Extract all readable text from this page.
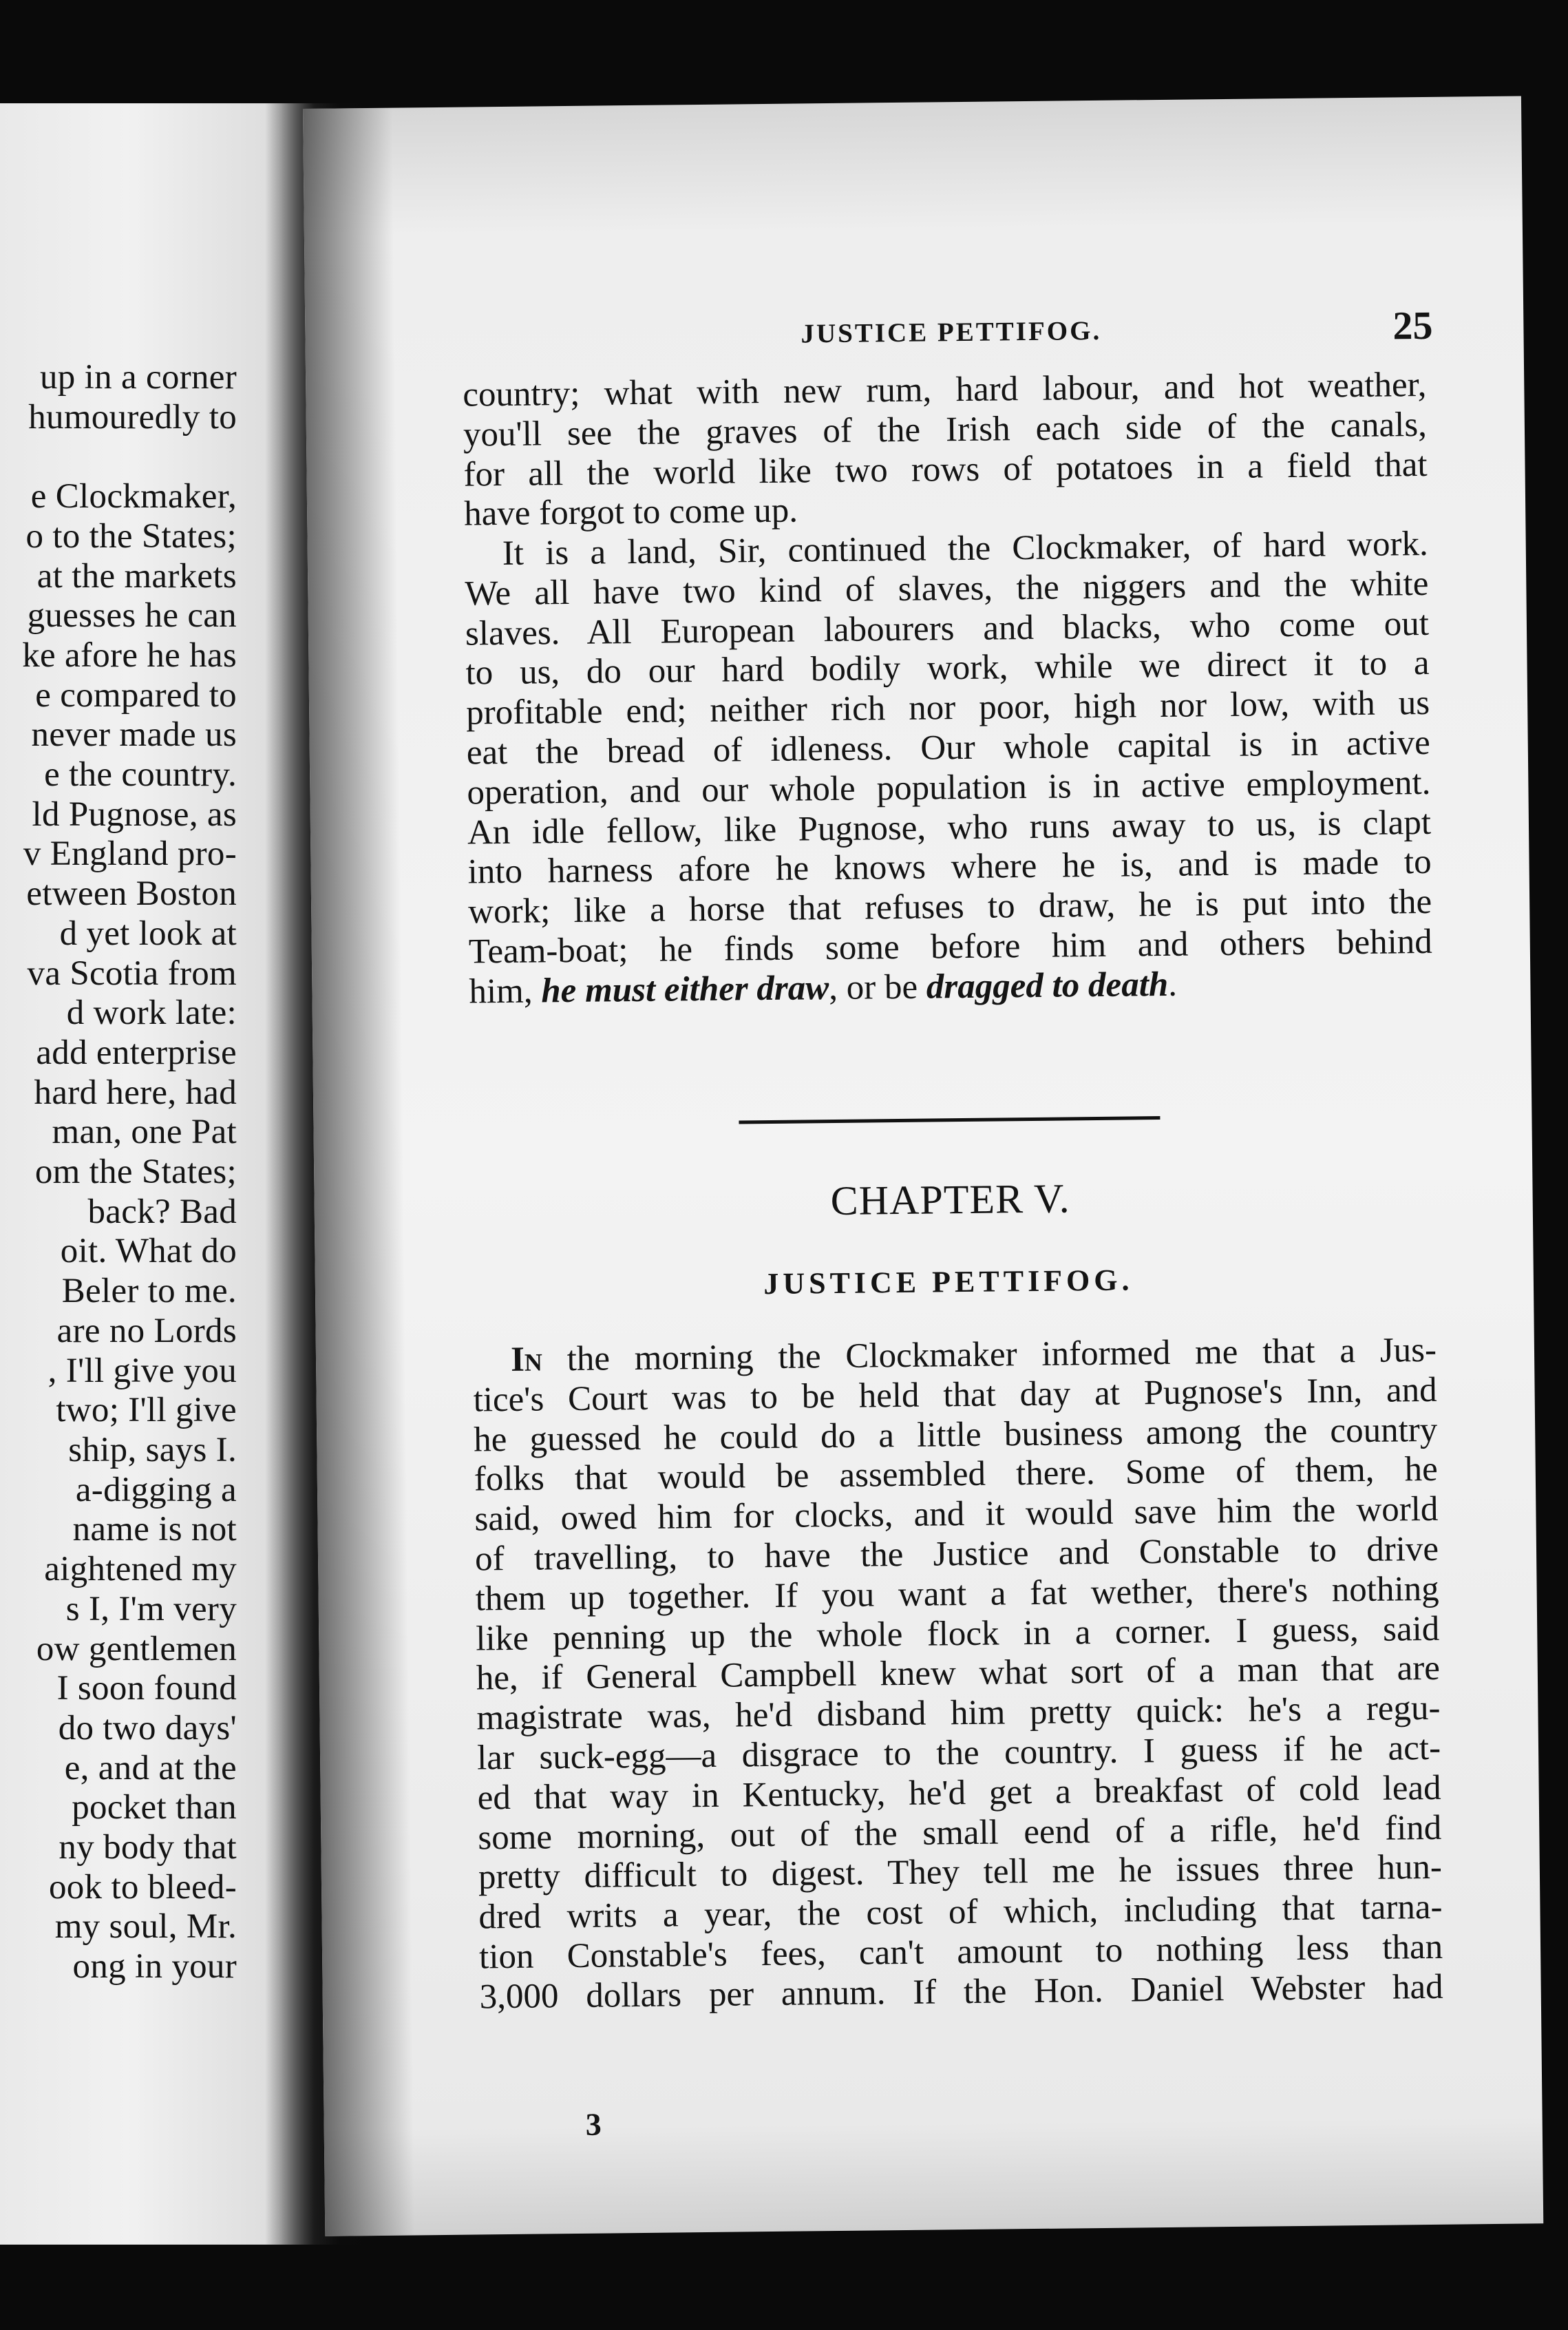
up in a corner
humouredly to

e Clockmaker,
o to the States;
at the markets
guesses he can
ke afore he has
e compared to
never made us
e the country.
ld Pugnose, as
v England pro-
etween Boston
d yet look at
va Scotia from
d work late:
add enterprise
hard here, had
man, one Pat
om the States;
back? Bad
oit. What do
Beler to me.
are no Lords
, I'll give you
two; I'll give
ship, says I.
a-digging a
name is not
aightened my
s I, I'm very
ow gentlemen
I soon found
do two days'
e, and at the
pocket than
ny body that
ook to bleed-
my soul, Mr.
ong in your
JUSTICE PETTIFOG.	25
country; what with new rum, hard labour, and hot weather,
you'll see the graves of the Irish each side of the canals,
for all the world like two rows of potatoes in a field that
have forgot to come up.
It is a land, Sir, continued the Clockmaker, of hard work.
We all have two kind of slaves, the niggers and the white
slaves. All European labourers and blacks, who come out
to us, do our hard bodily work, while we direct it to a
profitable end; neither rich nor poor, high nor low, with us
eat the bread of idleness. Our whole capital is in active
operation, and our whole population is in active employment.
An idle fellow, like Pugnose, who runs away to us, is clapt
into harness afore he knows where he is, and is made to
work; like a horse that refuses to draw, he is put into the
Team-boat; he finds some before him and others behind
him, he must either draw, or be dragged to death.
CHAPTER V.
JUSTICE PETTIFOG.
In the morning the Clockmaker informed me that a Jus-
tice's Court was to be held that day at Pugnose's Inn, and
he guessed he could do a little business among the country
folks that would be assembled there. Some of them, he
said, owed him for clocks, and it would save him the world
of travelling, to have the Justice and Constable to drive
them up together. If you want a fat wether, there's nothing
like penning up the whole flock in a corner. I guess, said
he, if General Campbell knew what sort of a man that are
magistrate was, he'd disband him pretty quick: he's a regu-
lar suck-egg—a disgrace to the country. I guess if he act-
ed that way in Kentucky, he'd get a breakfast of cold lead
some morning, out of the small eend of a rifle, he'd find
pretty difficult to digest. They tell me he issues three hun-
dred writs a year, the cost of which, including that tarna-
tion Constable's fees, can't amount to nothing less than
3,000 dollars per annum. If the Hon. Daniel Webster had
3
